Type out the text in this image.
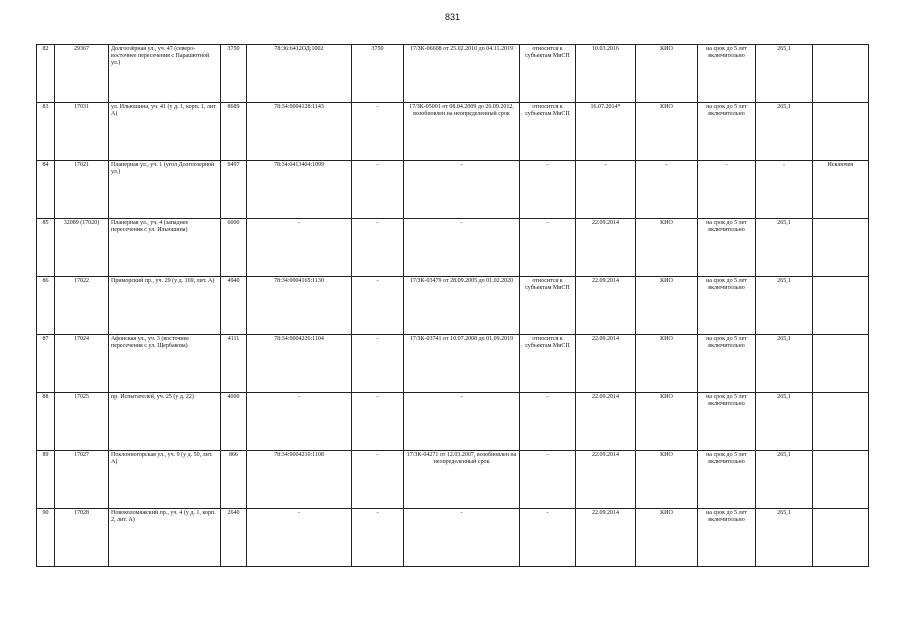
831
82	29367	Долгоозёрная ул., уч. 47 (северо-восточнее пересечения с Парашютной ул.)	3750	78:36:6412ОД:1002	3750	17/ЗК-06608 от 25.02.2010 до 04.11.2019	относится к субъектам МиСП	10.03.2016	КИО	на срок до 5 лет включительно	265,1	
83	17031	ул. Ильюшина, уч. 41 (у д. 1, корп. 1, лит. А)	8689	78:34:0004128:1143	-	17/ЗК-05001 от 08.04.2009 до 26.09.2012, возобновлен на неопределенный срок	относится к субъектам МиСП	16.07.2014*	КИО	на срок до 5 лет включительно	265,1	
84	17021	Планерная ул., уч. 1 (угол Долгоозерной ул.)	9497	78:34:0413404:1099	-	-	-	-	-	-	-	Исключен
85	32089 (17020)	Планерная ул., уч. 4 (западнее пересечения с ул. Ильюшина)	6000	-	-	-	-	22.09.2014	КИО	на срок до 5 лет включительно	265,1	
86	17022	Приморский пр., уч. 29 (у д. 169, лит. А)	4940	78:34:0004165:1130	-	17/ЗК-03479 от 28.09.2005 до 01.02.2020	относится к субъектам МиСП	22.09.2014	КИО	на срок до 5 лет включительно	265,1	
87	17024	Афонская ул., уч. 3 (восточнее пересечения с ул. Щербакова)	4111	78:34:0004226:1104	-	17/ЗК-03741 от 10.07.2008 до 01.09.2019	относится к субъектам МиСП	22.09.2014	КИО	на срок до 5 лет включительно	265,1	
88	17025	пр. Испытателей, уч. 25 (у д. 22)	4000	-	-	-	-	22.09.2014	КИО	на срок до 5 лет включительно	265,1	
89	17027	Поклонногорская ул., уч. 9 (у д. 50, лит. А)	866	78:34:0004210:1108	-	17/ЗК-04271 от 12.03.2007, возобновлен на неопределенный срок	-	22.09.2014	КИО	на срок до 5 лет включительно	265,1	
90	17028	Новоколомяжский пр., уч. 4 (у д. 1, корп. 2, лит. А)	2640	-	-	-	-	22.09.2014	КИО	на срок до 5 лет включительно	265,1	
